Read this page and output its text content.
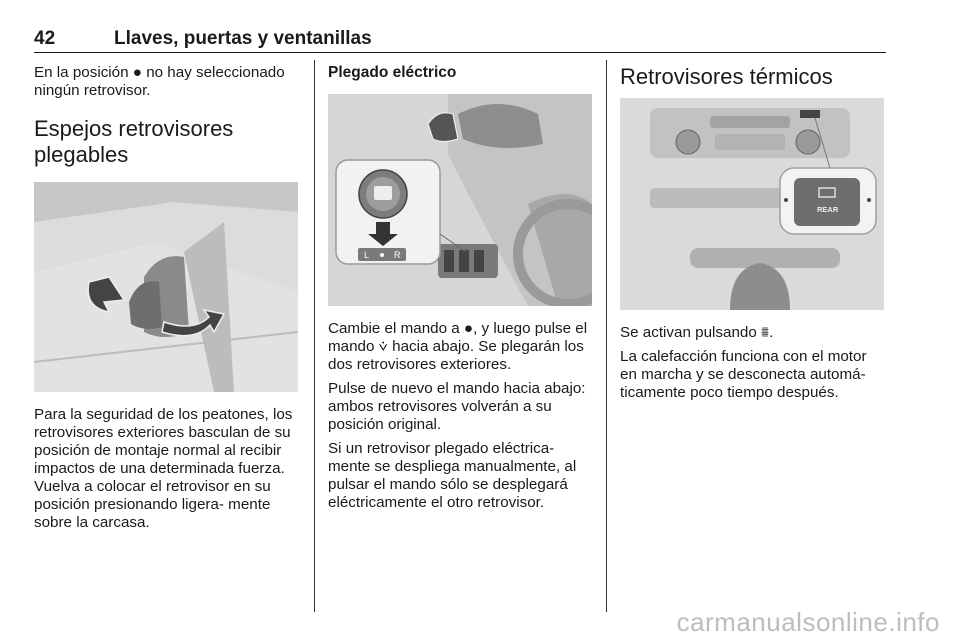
42	Llaves, puertas y ventanillas

En la posición ● no hay seleccionado ningún retrovisor.

Espejos retrovisores plegables

Para la seguridad de los peatones, los retrovisores exteriores basculan de su posición de montaje normal al recibir impactos de una determinada fuerza. Vuelva a colocar el retrovisor en su posición presionando ligera- mente sobre la carcasa.

Plegado eléctrico
L	R

Cambie el mando a ●, y luego pulse el mando ⩒ hacia abajo. Se plegarán los dos retrovisores exteriores.

Pulse de nuevo el mando hacia abajo: ambos retrovisores volverán a su posición original.

Si un retrovisor plegado eléctrica- mente se despliega manualmente, al pulsar el mando sólo se desplegará eléctricamente el otro retrovisor.

Retrovisores térmicos
REAR

Se activan pulsando ⩩.

La calefacción funciona con el motor en marcha y se desconecta automá- ticamente poco tiempo después.

carmanualsonline.info
